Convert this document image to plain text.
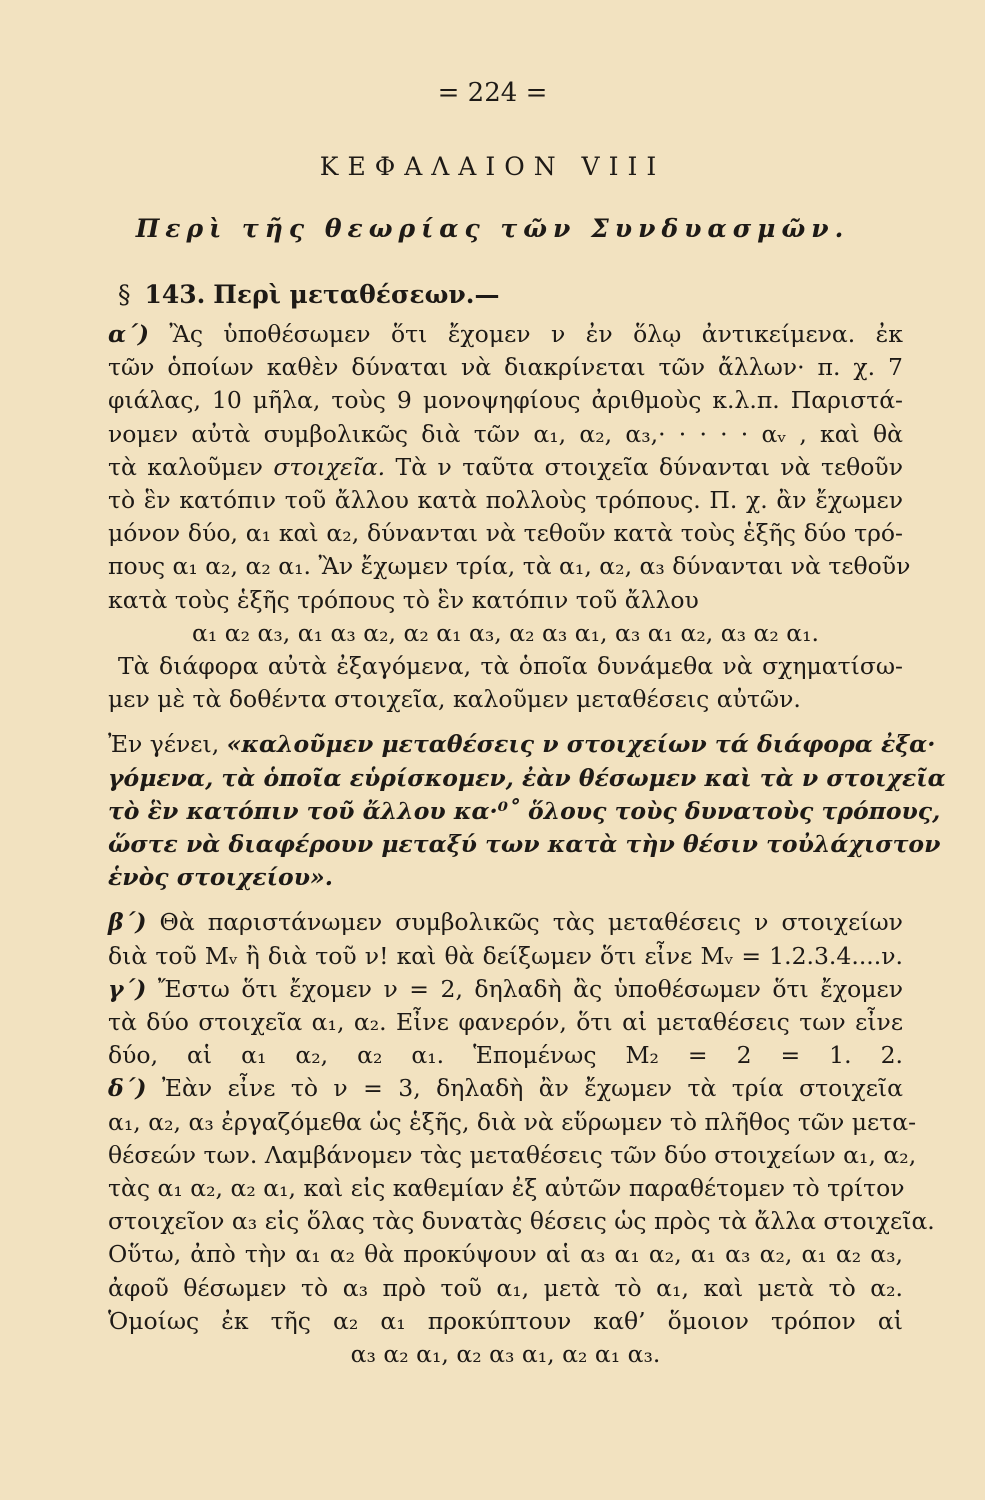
= 224 =
ΚΕΦΑΛΑΙΟΝ VIII
Περὶ τῆς θεωρίας τῶν Συνδυασμῶν.
§ 143. Περὶ μεταθέσεων.—
α΄) Ἂς ὑποθέσωμεν ὅτι ἔχομεν ν ἐν ὅλῳ ἀντικείμενα. ἐκ
τῶν ὁποίων καθὲν δύναται νὰ διακρίνεται τῶν ἄλλων· π. χ. 7
φιάλας, 10 μῆλα, τοὺς 9 μονοψηφίους ἀριθμοὺς κ.λ.π. Παριστά-
νομεν αὐτὰ συμβολικῶς διὰ τῶν α₁, α₂, α₃,· · · · · αᵥ , καὶ θὰ
τὰ καλοῦμεν στοιχεῖα. Τὰ ν ταῦτα στοιχεῖα δύνανται νὰ τεθοῦν
τὸ ἓν κατόπιν τοῦ ἄλλου κατὰ πολλοὺς τρόπους. Π. χ. ἂν ἔχωμεν
μόνον δύο, α₁ καὶ α₂, δύνανται νὰ τεθοῦν κατὰ τοὺς ἑξῆς δύο τρό-
πους α₁ α₂, α₂ α₁. Ἂν ἔχωμεν τρία, τὰ α₁, α₂, α₃ δύνανται νὰ τεθοῦν
κατὰ τοὺς ἑξῆς τρόπους τὸ ἓν κατόπιν τοῦ ἄλλου
α₁ α₂ α₃, α₁ α₃ α₂, α₂ α₁ α₃, α₂ α₃ α₁, α₃ α₁ α₂, α₃ α₂ α₁.
Τὰ διάφορα αὐτὰ ἐξαγόμενα, τὰ ὁποῖα δυνάμεθα νὰ σχηματίσω-
μεν μὲ τὰ δοθέντα στοιχεῖα, καλοῦμεν μεταθέσεις αὐτῶν.
Ἐν γένει, «καλοῦμεν μεταθέσεις ν στοιχείων τά διάφορα ἐξα·
γόμενα, τὰ ὁποῖα εὑρίσκομεν, ἐὰν θέσωμεν καὶ τὰ ν στοιχεῖα
τὸ ἓν κατόπιν τοῦ ἄλλου κα·⁰˚ ὅλους τοὺς δυνατοὺς τρόπους,
ὥστε νὰ διαφέρουν μεταξύ των κατὰ τὴν θέσιν τοὐλάχιστον
ἑνὸς στοιχείου».
β΄) Θὰ παριστάνωμεν συμβολικῶς τὰς μεταθέσεις ν στοιχείων
διὰ τοῦ Mᵥ ἢ διὰ τοῦ ν! καὶ θὰ δείξωμεν ὅτι εἶνε Mᵥ = 1.2.3.4....ν.
γ΄) Ἔστω ὅτι ἔχομεν ν = 2, δηλαδὴ ἂς ὑποθέσωμεν ὅτι ἔχομεν
τὰ δύο στοιχεῖα α₁, α₂. Εἶνε φανερόν, ὅτι αἱ μεταθέσεις των εἶνε
δύο, αἱ α₁ α₂, α₂ α₁. Ἑπομένως M₂ = 2 = 1. 2.
δ΄) Ἐὰν εἶνε τὸ ν = 3, δηλαδὴ ἂν ἔχωμεν τὰ τρία στοιχεῖα
α₁, α₂, α₃ ἐργαζόμεθα ὡς ἑξῆς, διὰ νὰ εὕρωμεν τὸ πλῆθος τῶν μετα-
θέσεών των. Λαμβάνομεν τὰς μεταθέσεις τῶν δύο στοιχείων α₁, α₂,
τὰς α₁ α₂, α₂ α₁, καὶ εἰς καθεμίαν ἐξ αὐτῶν παραθέτομεν τὸ τρίτον
στοιχεῖον α₃ εἰς ὅλας τὰς δυνατὰς θέσεις ὡς πρὸς τὰ ἄλλα στοιχεῖα.
Οὕτω, ἀπὸ τὴν α₁ α₂ θὰ προκύψουν αἱ α₃ α₁ α₂, α₁ α₃ α₂, α₁ α₂ α₃,
ἀφοῦ θέσωμεν τὸ α₃ πρὸ τοῦ α₁, μετὰ τὸ α₁, καὶ μετὰ τὸ α₂.
Ὁμοίως ἐκ τῆς α₂ α₁ προκύπτουν καθ’ ὅμοιον τρόπον αἱ
α₃ α₂ α₁, α₂ α₃ α₁, α₂ α₁ α₃.
